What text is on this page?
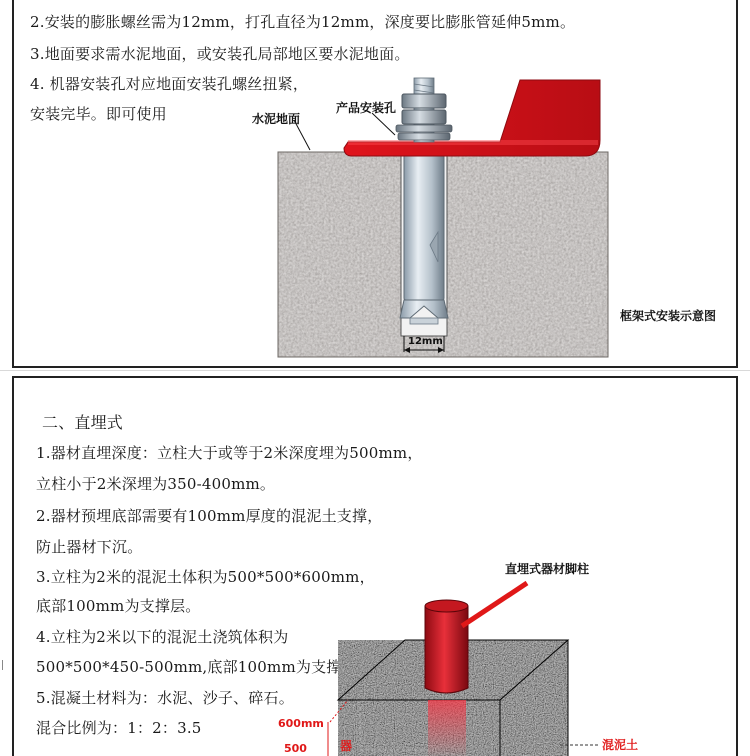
2.安装的膨胀螺丝需为12mm，打孔直径为12mm，深度要比膨胀管延伸5mm。
3.地面要求需水泥地面，或安装孔局部地区要水泥地面。
4. 机器安装孔对应地面安装孔螺丝扭紧，
安装完毕。即可使用	产品安装孔
水泥地面
12mm
框架式安装示意图
二、直埋式
1.器材直埋深度：立柱大于或等于2米深度埋为500mm，
立柱小于2米深埋为350-400mm。
2.器材预埋底部需要有100mm厚度的混泥土支撑，
防止器材下沉。
3.立柱为2米的混泥土体积为500*500*600mm，
底部100mm为支撑层。
4.立柱为2米以下的混泥土浇筑体积为
500*500*450-500mm,底部100mm为支撑层。
5.混凝土材料为：水泥、沙子、碎石。
混合比例为：1：2：3.5
直埋式器材脚柱
600mm
器
500	混泥土
